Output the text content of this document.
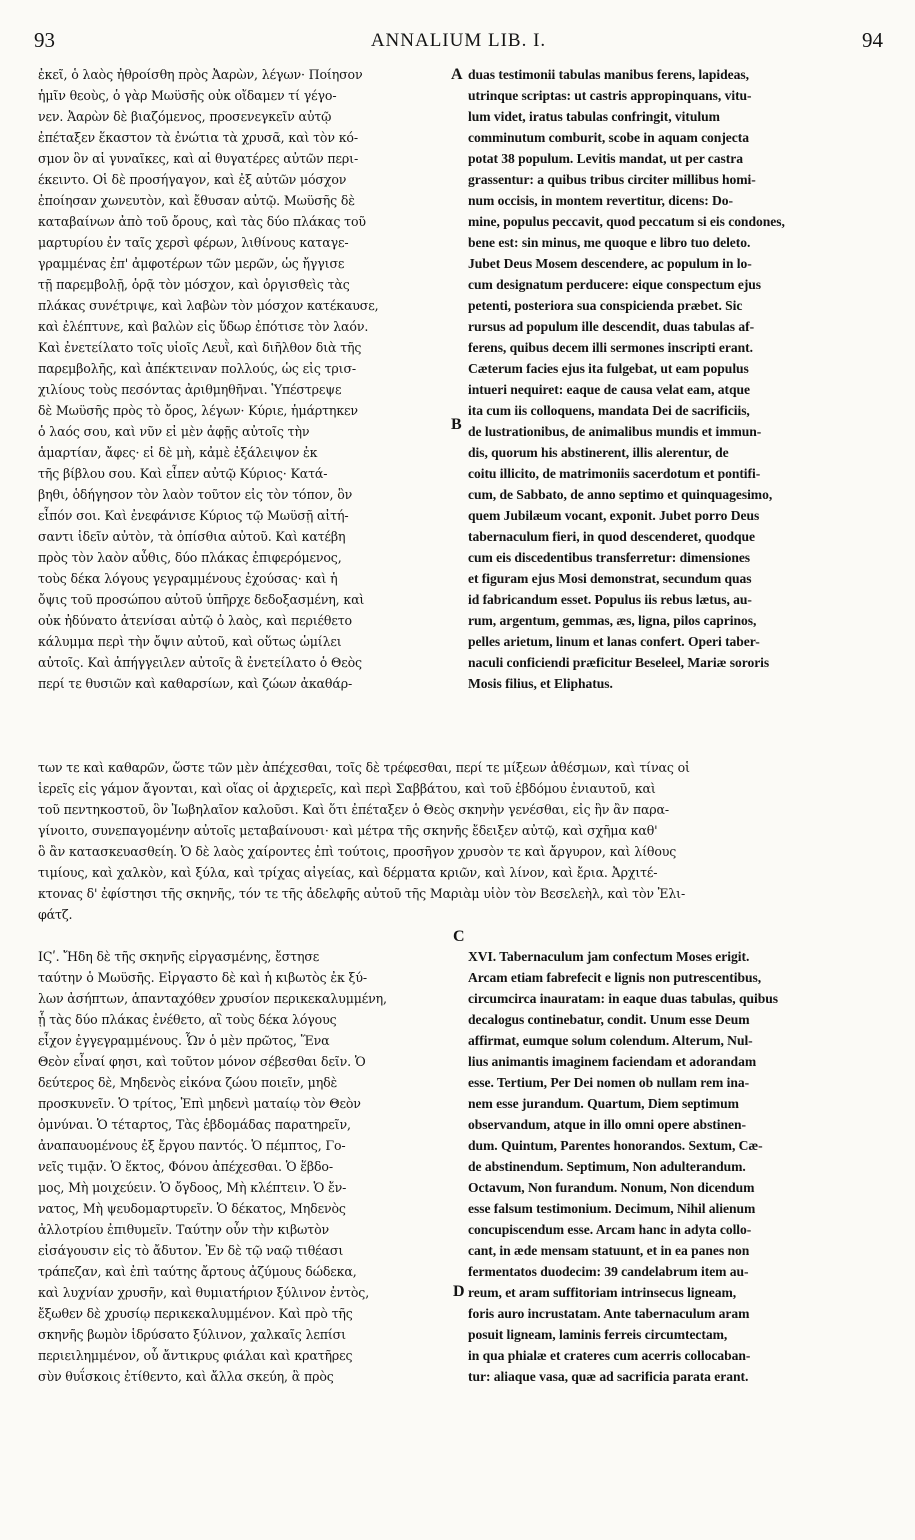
93	ANNALIUM LIB. I.	94
ἐκεῖ, ὁ λαὸς ἠθροίσθη πρὸς Ἀαρὼν, λέγων· Ποίησον
ἡμῖν θεοὺς, ὁ γὰρ Μωϋσῆς οὐκ οἴδαμεν τί γέγο-
νεν. Ἀαρὼν δὲ βιαζόμενος, προσενεγκεῖν αὐτῷ
ἐπέταξεν ἕκαστον τὰ ἐνώτια τὰ χρυσᾶ, καὶ τὸν κό-
σμον ὃν αἱ γυναῖκες, καὶ αἱ θυγατέρες αὐτῶν περι-
έκειντο. Οἱ δὲ προσήγαγον, καὶ ἐξ αὐτῶν μόσχον
ἐποίησαν χωνευτὸν, καὶ ἔθυσαν αὐτῷ. Μωϋσῆς δὲ
καταβαίνων ἀπὸ τοῦ ὄρους, καὶ τὰς δύο πλάκας τοῦ
μαρτυρίου ἐν ταῖς χερσὶ φέρων, λιθίνους καταγε-
γραμμένας ἐπ' ἀμφοτέρων τῶν μερῶν, ὡς ἤγγισε
τῇ παρεμβολῇ, ὁρᾷ τὸν μόσχον, καὶ ὀργισθεὶς τὰς
πλάκας συνέτριψε, καὶ λαβὼν τὸν μόσχον κατέκαυσε,
καὶ ἐλέπτυνε, καὶ βαλὼν εἰς ὕδωρ ἐπότισε τὸν λαόν.
Καὶ ἐνετείλατο τοῖς υἱοῖς Λευῒ, καὶ διῆλθον διὰ τῆς
παρεμβολῆς, καὶ ἀπέκτειναν πολλούς, ὡς εἰς τρισ-
χιλίους τοὺς πεσόντας ἀριθμηθῆναι. Ὑπέστρεψε
δὲ Μωϋσῆς πρὸς τὸ ὄρος, λέγων· Κύριε, ἡμάρτηκεν
ὁ λαός σου, καὶ νῦν εἰ μὲν ἀφῇς αὐτοῖς τὴν
ἁμαρτίαν, ἄφες· εἰ δὲ μὴ, κἀμὲ ἐξάλειψον ἐκ
τῆς βίβλου σου. Καὶ εἶπεν αὐτῷ Κύριος· Κατά-
βηθι, ὁδήγησον τὸν λαὸν τοῦτον εἰς τὸν τόπον, ὃν
εἶπόν σοι. Καὶ ἐνεφάνισε Κύριος τῷ Μωϋσῇ αἰτή-
σαντι ἰδεῖν αὐτὸν, τὰ ὀπίσθια αὐτοῦ. Καὶ κατέβη
πρὸς τὸν λαὸν αὖθις, δύο πλάκας ἐπιφερόμενος,
τοὺς δέκα λόγους γεγραμμένους ἐχούσας· καὶ ἡ
ὄψις τοῦ προσώπου αὐτοῦ ὑπῆρχε δεδοξασμένη, καὶ
οὐκ ἠδύνατο ἀτενίσαι αὐτῷ ὁ λαὸς, καὶ περιέθετο
κάλυμμα περὶ τὴν ὄψιν αὐτοῦ, καὶ οὕτως ὡμίλει
αὐτοῖς. Καὶ ἀπήγγειλεν αὐτοῖς ἃ ἐνετείλατο ὁ Θεὸς
περί τε θυσιῶν καὶ καθαρσίων, καὶ ζώων ἀκαθάρ-
duas testimonii tabulas manibus ferens, lapideas,
utrinque scriptas: ut castris appropinquans, vitu-
lum videt, iratus tabulas confringit, vitulum
comminutum comburit, scobe in aquam conjecta
potat 38 populum. Levitis mandat, ut per castra
grassentur: a quibus tribus circiter millibus homi-
num occisis, in montem revertitur, dicens: Do-
mine, populus peccavit, quod peccatum si eis condones,
bene est: sin minus, me quoque e libro tuo deleto.
Jubet Deus Mosem descendere, ac populum in lo-
cum designatum perducere: eique conspectum ejus
petenti, posteriora sua conspicienda præbet. Sic
rursus ad populum ille descendit, duas tabulas af-
ferens, quibus decem illi sermones inscripti erant.
Cæterum facies ejus ita fulgebat, ut eam populus
intueri nequiret: eaque de causa velat eam, atque
ita cum iis colloquens, mandata Dei de sacrificiis,
de lustrationibus, de animalibus mundis et immun-
dis, quorum his abstinerent, illis alerentur, de
coitu illicito, de matrimoniis sacerdotum et pontifi-
cum, de Sabbato, de anno septimo et quinquagesimo,
quem Jubilæum vocant, exponit. Jubet porro Deus
tabernaculum fieri, in quod descenderet, quodque
cum eis discedentibus transferretur: dimensiones
et figuram ejus Mosi demonstrat, secundum quas
id fabricandum esset. Populus iis rebus lætus, au-
rum, argentum, gemmas, æs, ligna, pilos caprinos,
pelles arietum, linum et lanas confert. Operi taber-
naculi conficiendi præficitur Beseleel, Mariæ sororis
Mosis filius, et Eliphatus.
των τε καὶ καθαρῶν, ὥστε τῶν μὲν ἀπέχεσθαι, τοῖς δὲ τρέφεσθαι, περί τε μίξεων ἀθέσμων, καὶ τίνας οἱ
ἱερεῖς εἰς γάμον ἄγονται, καὶ οἵας οἱ ἀρχιερεῖς, καὶ περὶ Σαββάτου, καὶ τοῦ ἑβδόμου ἐνιαυτοῦ, καὶ
τοῦ πεντηκοστοῦ, ὃν Ἰωβηλαῖον καλοῦσι. Καὶ ὅτι ἐπέταξεν ὁ Θεὸς σκηνὴν γενέσθαι, εἰς ἣν ἂν παρα-
γίνοιτο, συνεπαγομένην αὐτοῖς μεταβαίνουσι· καὶ μέτρα τῆς σκηνῆς ἔδειξεν αὐτῷ, καὶ σχῆμα καθ'
ὃ ἂν κατασκευασθείη. Ὁ δὲ λαὸς χαίροντες ἐπὶ τούτοις, προσῆγον χρυσὸν τε καὶ ἄργυρον, καὶ λίθους
τιμίους, καὶ χαλκὸν, καὶ ξύλα, καὶ τρίχας αἰγείας, καὶ δέρματα κριῶν, καὶ λίνον, καὶ ἔρια. Ἀρχιτέ-
κτονας δ' ἐφίστησι τῆς σκηνῆς, τόν τε τῆς ἀδελφῆς αὐτοῦ τῆς Μαριὰμ υἱὸν τὸν Βεσελεὴλ, καὶ τὸν Ἐλι-
φάτζ.
ΙϚʹ. Ἤδη δὲ τῆς σκηνῆς εἰργασμένης, ἔστησε
ταύτην ὁ Μωϋσῆς. Εἰργαστο δὲ καὶ ἡ κιβωτὸς ἐκ ξύ-
λων ἀσήπτων, ἁπανταχόθεν χρυσίον περικεκαλυμμένη,
ᾗ τὰς δύο πλάκας ἐνέθετο, αἳ τοὺς δέκα λόγους
εἶχον ἐγγεγραμμένους. Ὧν ὁ μὲν πρῶτος, Ἕνα
Θεὸν εἶναί φησι, καὶ τοῦτον μόνον σέβεσθαι δεῖν. Ὁ
δεύτερος δὲ, Μηδενὸς εἰκόνα ζώου ποιεῖν, μηδὲ
προσκυνεῖν. Ὁ τρίτος, Ἐπὶ μηδενὶ ματαίῳ τὸν Θεὸν
ὀμνύναι. Ὁ τέταρτος, Τὰς ἑβδομάδας παρατηρεῖν,
ἀναπαυομένους ἐξ ἔργου παντός. Ὁ πέμπτος, Γο-
νεῖς τιμᾷν. Ὁ ἕκτος, Φόνου ἀπέχεσθαι. Ὁ ἕβδο-
μος, Μὴ μοιχεύειν. Ὁ ὄγδοος, Μὴ κλέπτειν. Ὁ ἔν-
νατος, Μὴ ψευδομαρτυρεῖν. Ὁ δέκατος, Μηδενὸς
ἀλλοτρίου ἐπιθυμεῖν. Ταύτην οὖν τὴν κιβωτὸν
εἰσάγουσιν εἰς τὸ ἄδυτον. Ἐν δὲ τῷ ναῷ τιθέασι
τράπεζαν, καὶ ἐπὶ ταύτης ἄρτους ἀζύμους δώδεκα,
καὶ λυχνίαν χρυσῆν, καὶ θυμιατήριον ξύλινον ἐντὸς,
ἔξωθεν δὲ χρυσίῳ περικεκαλυμμένον. Καὶ πρὸ τῆς
σκηνῆς βωμὸν ἱδρύσατο ξύλινον, χαλκαῖς λεπίσι
περιειλημμένον, οὗ ἄντικρυς φιάλαι καὶ κρατῆρες
σὺν θυΐσκοις ἐτίθεντο, καὶ ἄλλα σκεύη, ἃ πρὸς
XVI. Tabernaculum jam confectum Moses erigit.
Arcam etiam fabrefecit e lignis non putrescentibus,
circumcirca inauratam: in eaque duas tabulas, quibus
decalogus continebatur, condit. Unum esse Deum
affirmat, eumque solum colendum. Alterum, Nul-
lius animantis imaginem faciendam et adorandam
esse. Tertium, Per Dei nomen ob nullam rem ina-
nem esse jurandum. Quartum, Diem septimum
observandum, atque in illo omni opere abstinen-
dum. Quintum, Parentes honorandos. Sextum, Cæ-
de abstinendum. Septimum, Non adulterandum.
Octavum, Non furandum. Nonum, Non dicendum
esse falsum testimonium. Decimum, Nihil alienum
concupiscendum esse. Arcam hanc in adyta collo-
cant, in æde mensam statuunt, et in ea panes non
fermentatos duodecim: 39 candelabrum item au-
reum, et aram suffitoriam intrinsecus ligneam,
foris auro incrustatam. Ante tabernaculum aram
posuit ligneam, laminis ferreis circumtectam,
in qua phialæ et crateres cum acerris collocaban-
tur: aliaque vasa, quæ ad sacrificia parata erant.
A
B
C
D
